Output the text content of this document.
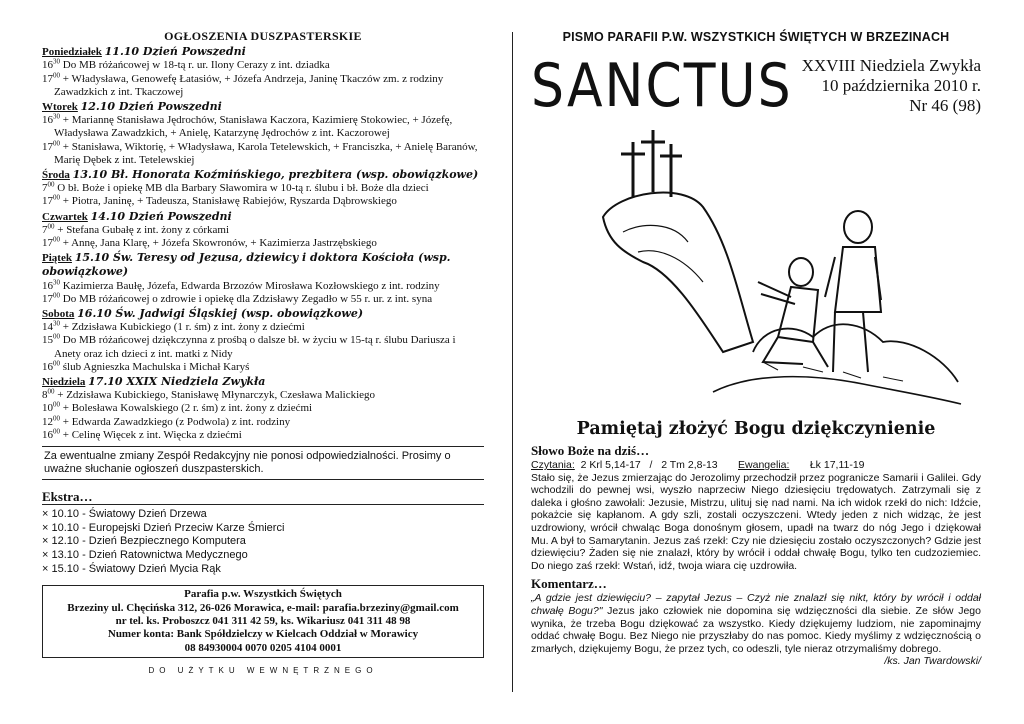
OGŁOSZENIA DUSZPASTERSKIE
Poniedziałek 11.10 Dzień Powszedni
$16^{30}$ Do MB różańcowej w 18-tą r. ur. Ilony Cerazy z int. dziadka
$17^{00}$ + Władysława, Genowefę Łatasiów, + Józefa Andrzeja, Janinę Tkaczów zm. z rodziny Zawadzkich z int. Tkaczowej
Wtorek 12.10 Dzień Powszedni
$16^{30}$ + Mariannę Stanisława Jędrochów, Stanisława Kaczora, Kazimierę Stokowiec, + Józefę, Władysława Zawadzkich, + Anielę, Katarzynę Jędrochów z int. Kaczorowej
$17^{00}$ + Stanisława, Wiktorię, + Władysława, Karola Tetelewskich, + Franciszka, + Anielę Baranów, Marię Dębek z int. Tetelewskiej
Środa 13.10 Bł. Honorata Koźmińskiego, prezbitera (wsp. obowiązkowe)
$7^{00}$ O bł. Boże i opiekę MB dla Barbary Sławomira w 10-tą r. ślubu i bł. Boże dla dzieci
$17^{00}$ + Piotra, Janinę, + Tadeusza, Stanisławę Rabiejów, Ryszarda Dąbrowskiego
Czwartek 14.10 Dzień Powszedni
$7^{00}$ + Stefana Gubałę z int. żony z córkami
$17^{00}$ + Annę, Jana Klarę, + Józefa Skowronów, + Kazimierza Jastrzębskiego
Piątek 15.10 Św. Teresy od Jezusa, dziewicy i doktora Kościoła (wsp. obowiązkowe)
$16^{30}$ Kazimierza Baułę, Józefa, Edwarda Brzozów Mirosława Kozłowskiego z int. rodziny
$17^{00}$ Do MB różańcowej o zdrowie i opiekę dla Zdzisławy Zegadło w 55 r. ur. z int. syna
Sobota 16.10 Św. Jadwigi Śląskiej (wsp. obowiązkowe)
$14^{30}$ + Zdzisława Kubickiego (1 r. śm) z int. żony z dziećmi
$15^{00}$ Do MB różańcowej dziękczynna z prośbą o dalsze bł. w życiu w 15-tą r. ślubu Dariusza i Anety oraz ich dzieci z int. matki z Nidy
$16^{00}$ ślub Agnieszka Machulska i Michał Karyś
Niedziela 17.10 XXIX Niedziela Zwykła
$8^{00}$ + Zdzisława Kubickiego, Stanisławę Młynarczyk, Czesława Malickiego
$10^{00}$ + Bolesława Kowalskiego (2 r. śm) z int. żony z dziećmi
$12^{00}$ + Edwarda Zawadzkiego (z Podwola) z int. rodziny
$16^{00}$ + Celinę Więcek z int. Więcka z dziećmi
Za ewentualne zmiany Zespół Redakcyjny nie ponosi odpowiedzialności. Prosimy o uważne słuchanie ogłoszeń duszpasterskich.
Ekstra…
× 10.10 - Światowy Dzień Drzewa
× 10.10 - Europejski Dzień Przeciw Karze Śmierci
× 12.10 - Dzień Bezpiecznego Komputera
× 13.10 - Dzień Ratownictwa Medycznego
× 15.10 - Światowy Dzień Mycia Rąk
Parafia p.w. Wszystkich Świętych
Brzeziny ul. Chęcińska 312, 26-026 Morawica, e-mail: parafia.brzeziny@gmail.com
nr tel. ks. Proboszcz 041 311 42 59, ks. Wikariusz 041 311 48 98
Numer konta: Bank Spółdzielczy w Kielcach Oddział w Morawicy
08 84930004 0070 0205 4104 0001
DO UŻYTKU WEWNĘTRZNEGO
PISMO PARAFII P.W. WSZYSTKICH ŚWIĘTYCH W BRZEZINACH
SANCTUS XXVIII Niedziela Zwykła
10 października 2010 r.
Nr 46 (98)
Pamiętaj złożyć Bogu dziękczynienie
Słowo Boże na dziś…
Czytania: 2 Krl 5,14-17 / 2 Tm 2,8-13 Ewangelia: Łk 17,11-19
Stało się, że Jezus zmierzając do Jerozolimy przechodził przez pogranicze Samarii i Galilei. Gdy wchodzili do pewnej wsi, wyszło naprzeciw Niego dziesięciu trędowatych. Zatrzymali się z daleka i głośno zawołali: Jezusie, Mistrzu, ulituj się nad nami. Na ich widok rzekł do nich: Idźcie, pokażcie się kapłanom. A gdy szli, zostali oczyszczeni. Wtedy jeden z nich widząc, że jest uzdrowiony, wrócił chwaląc Boga donośnym głosem, upadł na twarz do nóg Jego i dziękował Mu. A był to Samarytanin. Jezus zaś rzekł: Czy nie dziesięciu zostało oczyszczonych? Gdzie jest dziewięciu? Żaden się nie znalazł, który by wrócił i oddał chwałę Bogu, tylko ten cudzoziemiec. Do niego zaś rzekł: Wstań, idź, twoja wiara cię uzdrowiła.
Komentarz…
„A gdzie jest dziewięciu? – zapytał Jezus – Czyż nie znalazł się nikt, który by wrócił i oddał chwałę Bogu?" Jezus jako człowiek nie dopomina się wdzięczności dla siebie. Ze słów Jego wynika, że trzeba Bogu dziękować za wszystko. Kiedy dziękujemy ludziom, nie zapominajmy oddać chwałę Bogu. Bez Niego nie przyszłaby do nas pomoc. Kiedy myślimy z wdzięcznością o zmarłych, dziękujemy Bogu, że przez tych, co odeszli, tyle nieraz otrzymaliśmy dobrego.
/ks. Jan Twardowski/
